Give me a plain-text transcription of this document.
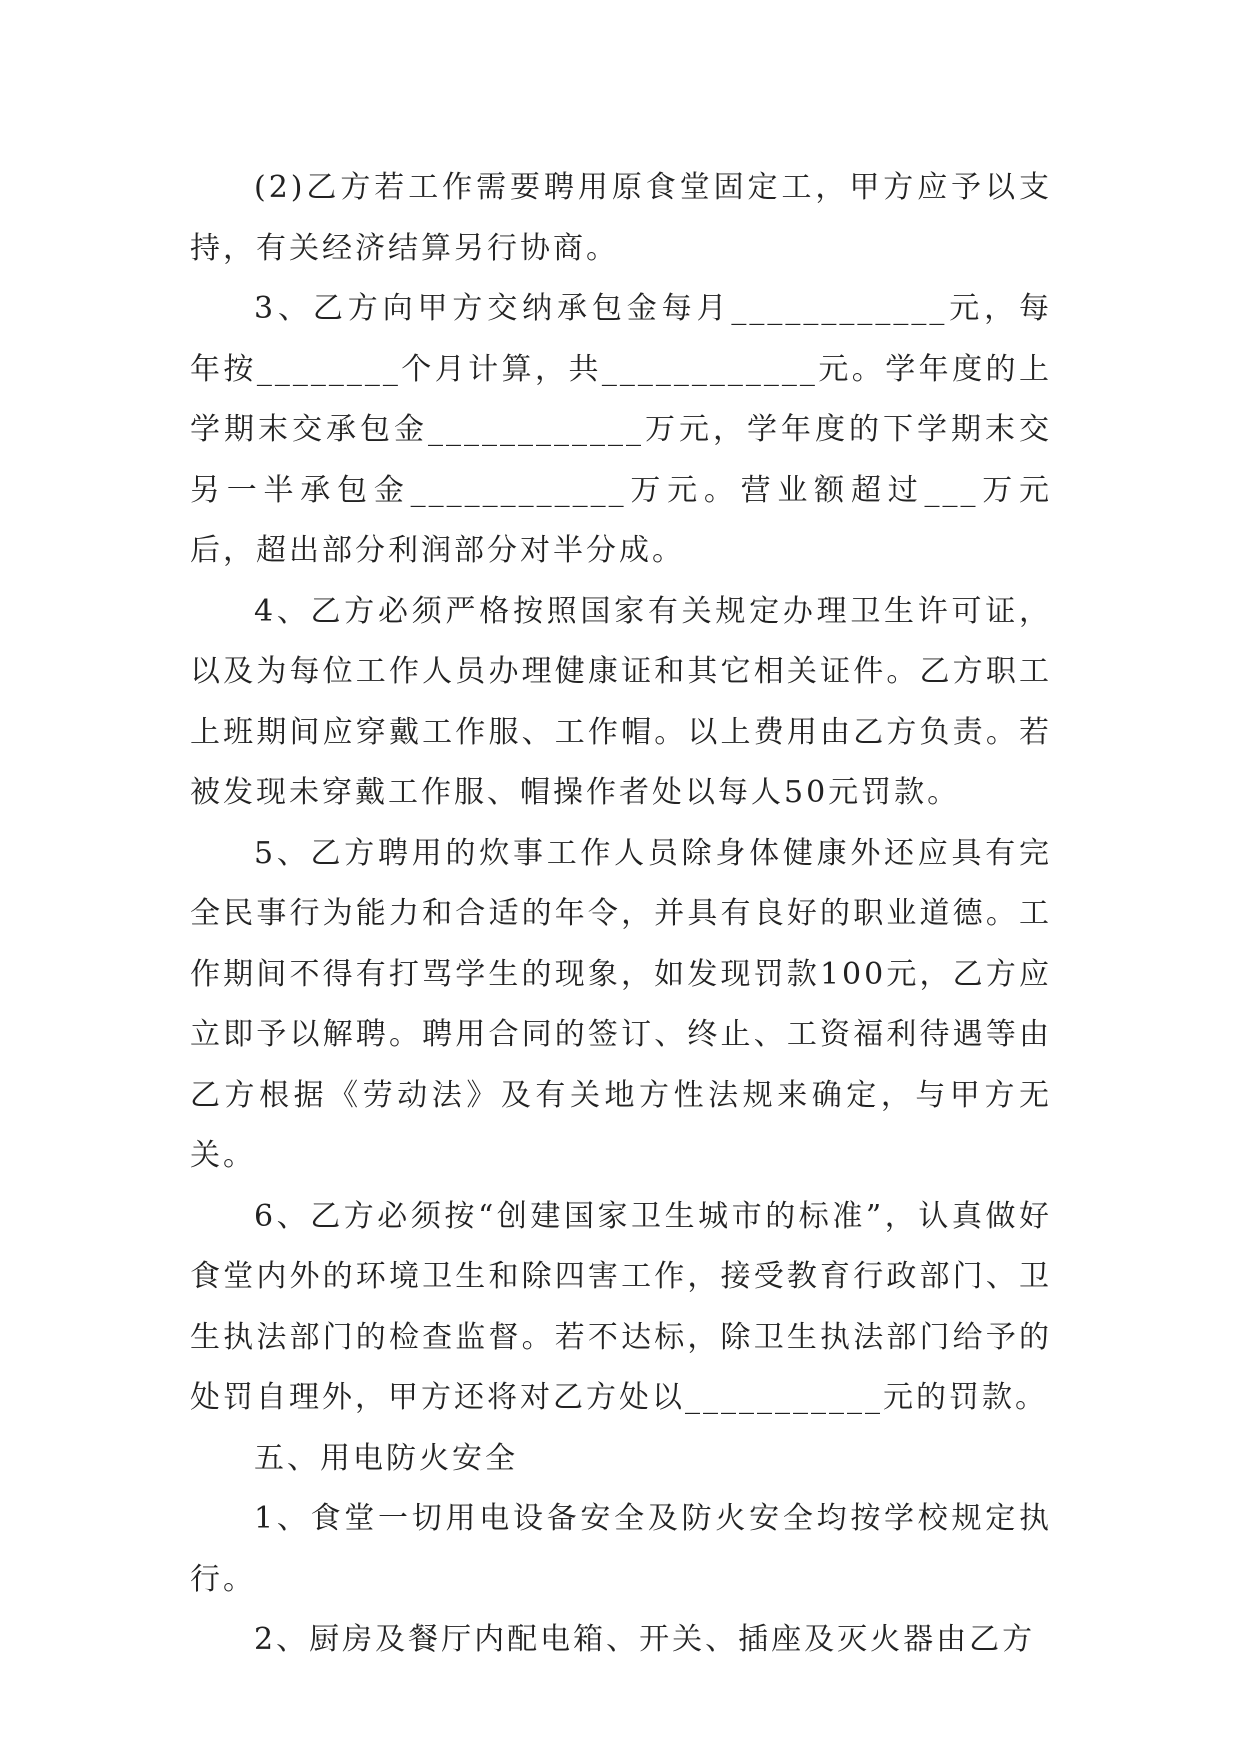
(2)乙方若工作需要聘用原食堂固定工，甲方应予以支持，有关经济结算另行协商。

3、乙方向甲方交纳承包金每月____________元，每年按________个月计算，共____________元。学年度的上学期末交承包金____________万元，学年度的下学期末交另一半承包金____________万元。营业额超过___万元后，超出部分利润部分对半分成。

4、乙方必须严格按照国家有关规定办理卫生许可证，以及为每位工作人员办理健康证和其它相关证件。乙方职工上班期间应穿戴工作服、工作帽。以上费用由乙方负责。若被发现未穿戴工作服、帽操作者处以每人50元罚款。

5、乙方聘用的炊事工作人员除身体健康外还应具有完全民事行为能力和合适的年令，并具有良好的职业道德。工作期间不得有打骂学生的现象，如发现罚款100元，乙方应立即予以解聘。聘用合同的签订、终止、工资福利待遇等由乙方根据《劳动法》及有关地方性法规来确定，与甲方无关。

6、乙方必须按“创建国家卫生城市的标准”，认真做好食堂内外的环境卫生和除四害工作，接受教育行政部门、卫生执法部门的检查监督。若不达标，除卫生执法部门给予的处罚自理外，甲方还将对乙方处以___________元的罚款。

五、用电防火安全

1、食堂一切用电设备安全及防火安全均按学校规定执行。

2、厨房及餐厅内配电箱、开关、插座及灭火器由乙方
